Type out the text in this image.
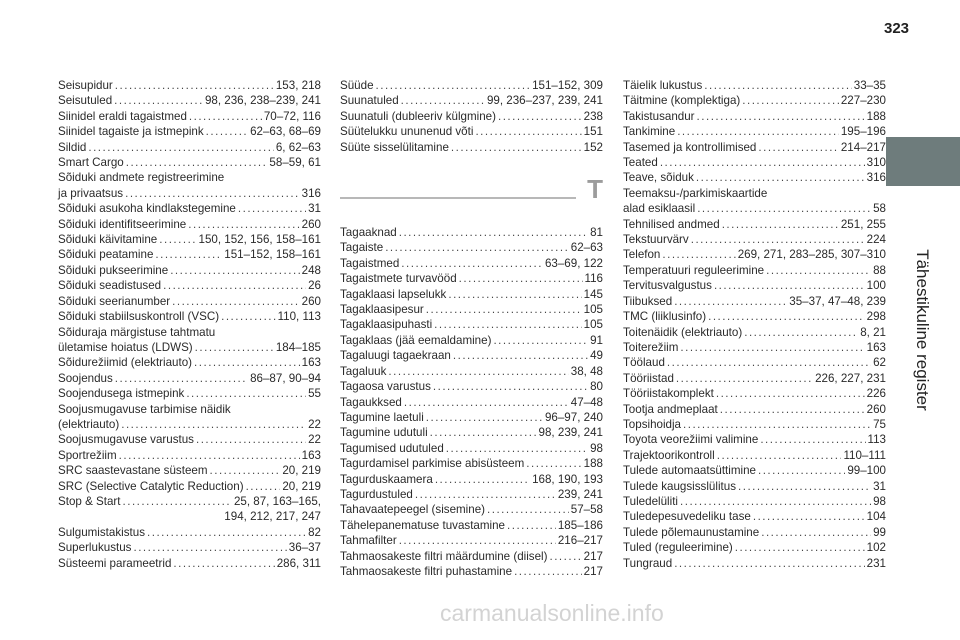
323
Tähestikuline register
Seisupidur .....	153, 218
Seisutuled .....	98, 236, 238–239, 241
Siinidel eraldi tagaistmed .....	70–72, 116
Siinidel tagaiste ja istmepink .....	62–63, 68–69
Sildid .....	6, 62–63
Smart Cargo .....	58–59, 61
Sõiduki andmete registreerimine
ja privaatsus .....	316
Sõiduki asukoha kindlakstegemine .....	31
Sõiduki identifitseerimine .....	260
Sõiduki käivitamine .....	150, 152, 156, 158–161
Sõiduki peatamine .....	151–152, 158–161
Sõiduki pukseerimine .....	248
Sõiduki seadistused .....	26
Sõiduki seerianumber .....	260
Sõiduki stabiilsuskontroll (VSC) .....	110, 113
Sõiduraja märgistuse tahtmatu
ületamise hoiatus (LDWS) .....	184–185
Sõidurežiimid (elektriauto) .....	163
Soojendus .....	86–87, 90–94
Soojendusega istmepink .....	55
Soojusmugavuse tarbimise näidik
(elektriauto) .....	22
Soojusmugavuse varustus .....	22
Sportrežiim .....	163
SRC saastevastane süsteem .....	20, 219
SRC (Selective Catalytic Reduction) .....	20, 219
Stop & Start .....	25, 87, 163–165,
194, 212, 217, 247
Sulgumistakistus .....	82
Superlukustus .....	36–37
Süsteemi parameetrid .....	286, 311
Süüde .....	151–152, 309
Suunatuled .....	99, 236–237, 239, 241
Suunatuli (dubleeriv külgmine) .....	238
Süütelukku ununenud võti .....	151
Süüte sisselülitamine .....	152
T
Tagaaknad .....	81
Tagaiste .....	62–63
Tagaistmed .....	63–69, 122
Tagaistmete turvavööd .....	116
Tagaklaasi lapselukk .....	145
Tagaklaasipesur .....	105
Tagaklaasipuhasti .....	105
Tagaklaas (jää eemaldamine) .....	91
Tagaluugi tagaekraan .....	49
Tagaluuk .....	38, 48
Tagaosa varustus .....	80
Tagaukksed .....	47–48
Tagumine laetuli .....	96–97, 240
Tagumine udutuli .....	98, 239, 241
Tagumised udutuled .....	98
Tagurdamisel parkimise abisüsteem .....	188
Tagurduskaamera .....	168, 190, 193
Tagurdustuled .....	239, 241
Tahavaatepeegel (sisemine) .....	57–58
Tähelepanematuse tuvastamine .....	185–186
Tahmafilter .....	216–217
Tahmaosakeste filtri määrdumine (diisel) .....	217
Tahmaosakeste filtri puhastamine .....	217
Täielik lukustus .....	33–35
Täitmine (komplektiga) .....	227–230
Takistusandur .....	188
Tankimine .....	195–196
Tasemed ja kontrollimised .....	214–217
Teated .....	310
Teave, sõiduk .....	316
Teemaksu-/parkimiskaartide
alad esiklaasil .....	58
Tehnilised andmed .....	251, 255
Tekstuurvärv .....	224
Telefon .....	269, 271, 283–285, 307–310
Temperatuuri reguleerimine .....	88
Tervitusvalgustus .....	100
Tiibuksed .....	35–37, 47–48, 239
TMC (liiklusinfo) .....	298
Toitenäidik (elektriauto) .....	8, 21
Toiterežiim .....	163
Töölaud .....	62
Tööriistad .....	226, 227, 231
Tööriistakomplekt .....	226
Tootja andmeplaat .....	260
Topsihoidja .....	75
Toyota veorežiimi valimine .....	113
Trajektoorikontroll .....	110–111
Tulede automaatsüttimine .....	99–100
Tulede kaugsisslülitus .....	31
Tuledelüliti .....	98
Tuledepesuvedeliku tase .....	104
Tulede põlemaunustamine .....	99
Tuled (reguleerimine) .....	102
Tungraud .....	231
carmanualsonline.info
